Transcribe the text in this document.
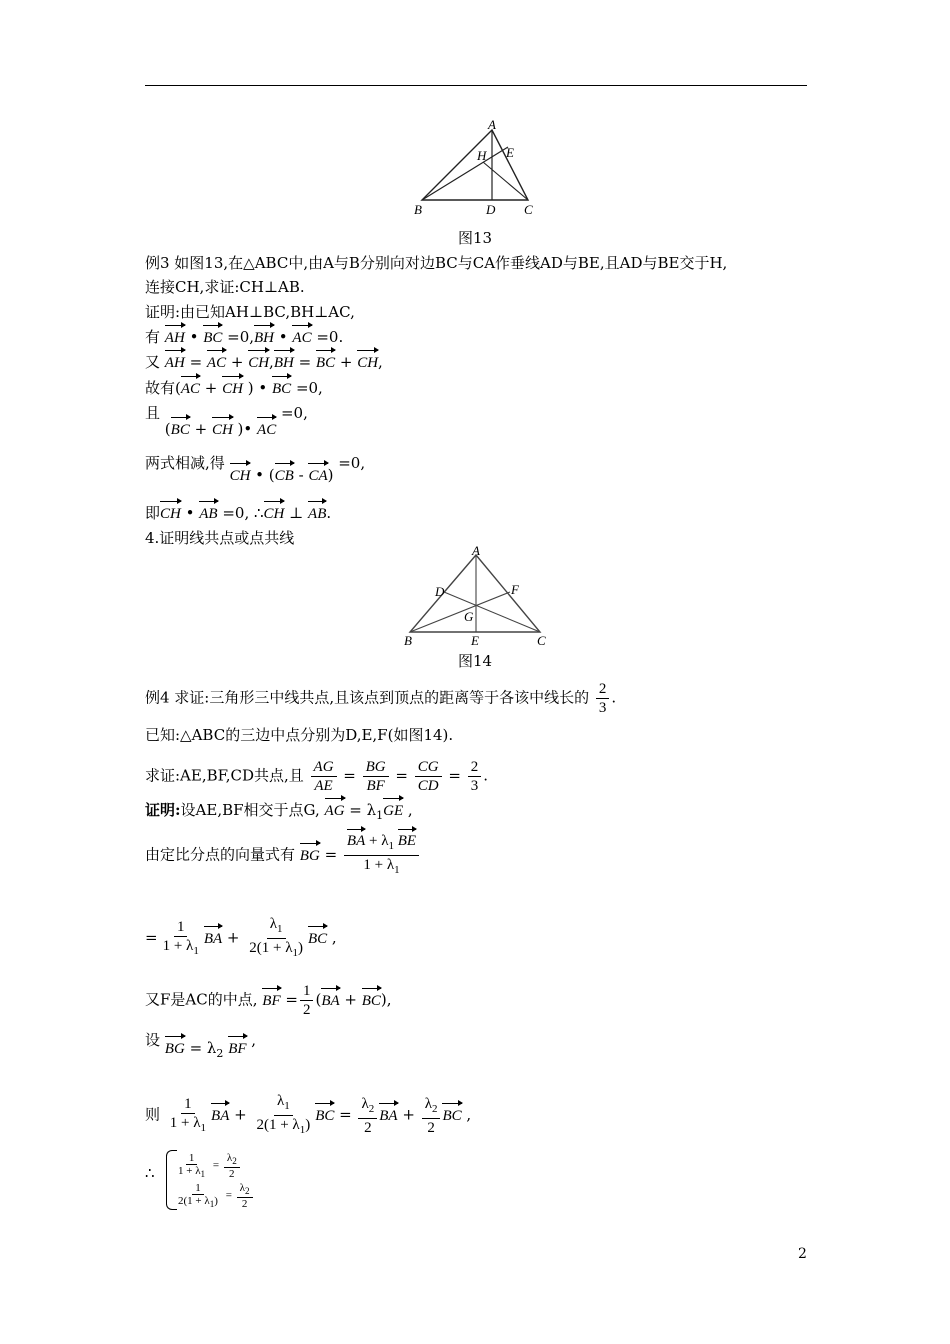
A
H E
B	D C
图13
例3 如图13,在△ABC中,由A与B分别向对边BC与CA作垂线AD与BE,且AD与BE交于H,
连接CH,求证:CH⊥AB.
证明:由已知AH⊥BC,BH⊥AC,
有 AH • BC =0,BH • AC =0.
又 AH = AC + CH,BH = BC + CH,
故有(AC + CH ) • BC =0,
且 (BC + CH )• AC =0,
两式相减,得 CH • (CB - CA) =0,
即CH • AB =0, ∴CH ⊥ AB.
4.证明线共点或点共线
A
D	F
G
B	E	C
图14
例4 求证:三角形三中线共点,且该点到顶点的距离等于各该中线长的 $\frac{2}{3}$ .
已知:△ABC的三边中点分别为D,E,F(如图14).
求证:AE,BF,CD共点,且 $\frac{AG}{AE} = \frac{BG}{BF} = \frac{CG}{CD} = \frac{2}{3}$ .
证明:设AE,BF相交于点G, AG = $\lambda_1GE$ ,
由定比分点的向量式有 BG = $\frac{BA + \lambda_1 BE}{1 + \lambda_1}$
= $\frac{1}{1 + \lambda_1}$ BA + $\frac{\lambda_1}{2(1 + \lambda_1)}$ BC ,
又F是AC的中点, BF = $\frac{1}{2} (BA + BC)$,
设 BG = $\lambda_2$ BF ,
则 $\frac{1}{1 + \lambda_1}$ BA + $\frac{\lambda_1}{2(1 + \lambda_1)}$ BC = $\frac{\lambda_2}{2}$ BA + $\frac{\lambda_2}{2}$ BC ,
∴ $\frac{1}{1 + \lambda_1} = \frac{\lambda_2}{2}$
$\frac{1}{2(1 + \lambda_1)} = \frac{\lambda_2}{2}$
2
